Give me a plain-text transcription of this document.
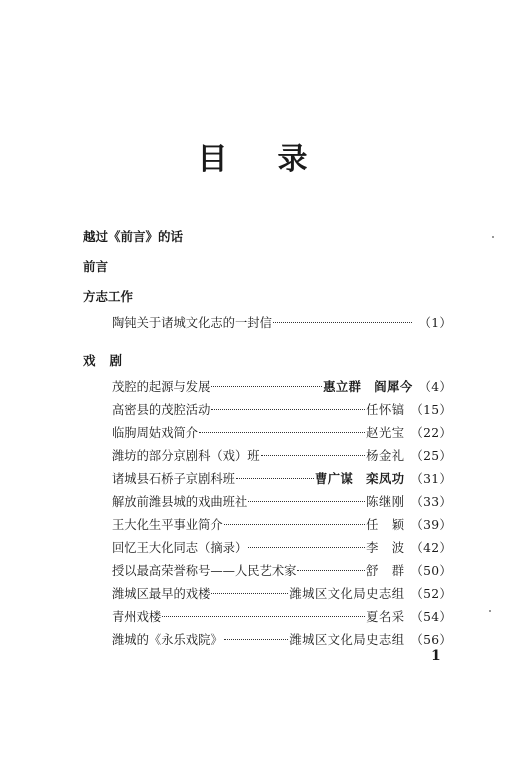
目 录
越过《前言》的话
前言
方志工作
陶钝关于诸城文化志的一封信	（1）
戏 剧
茂腔的起源与发展	惠立群　阎犀今 （4）
高密县的茂腔活动	任怀镐 （15）
临朐周姑戏简介	赵光宝 （22）
潍坊的部分京剧科（戏）班	杨金礼 （25）
诸城县石桥子京剧科班	曹广谋　栾凤功 （31）
解放前潍县城的戏曲班社	陈继刚 （33）
王大化生平事业简介	任　颖 （39）
回忆王大化同志（摘录）	李　波 （42）
授以最高荣誉称号——人民艺术家	舒　群 （50）
潍城区最早的戏楼	潍城区文化局史志组 （52）
青州戏楼	夏名采 （54）
潍城的《永乐戏院》	潍城区文化局史志组 （56）
1
